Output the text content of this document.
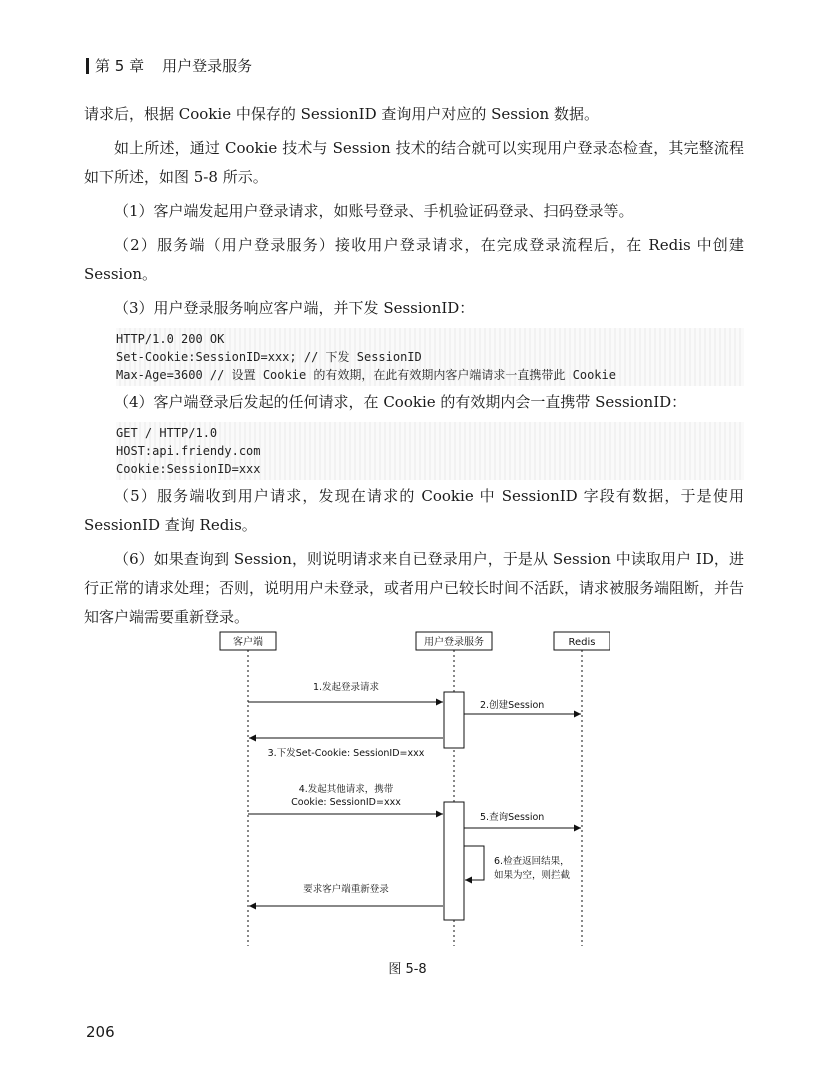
第 5 章 用户登录服务

请求后，根据 Cookie 中保存的 SessionID 查询用户对应的 Session 数据。

如上所述，通过 Cookie 技术与 Session 技术的结合就可以实现用户登录态检查，其完整流程如下所述，如图 5-8 所示。

（1）客户端发起用户登录请求，如账号登录、手机验证码登录、扫码登录等。

（2）服务端（用户登录服务）接收用户登录请求，在完成登录流程后，在 Redis 中创建 Session。

（3）用户登录服务响应客户端，并下发 SessionID：

HTTP/1.0 200 OK
Set-Cookie:SessionID=xxx; // 下发 SessionID
Max-Age=3600 // 设置 Cookie 的有效期，在此有效期内客户端请求一直携带此 Cookie

（4）客户端登录后发起的任何请求，在 Cookie 的有效期内会一直携带 SessionID：

GET / HTTP/1.0
HOST:api.friendy.com
Cookie:SessionID=xxx

（5）服务端收到用户请求，发现在请求的 Cookie 中 SessionID 字段有数据，于是使用 SessionID 查询 Redis。

（6）如果查询到 Session，则说明请求来自已登录用户，于是从 Session 中读取用户 ID，进行正常的请求处理；否则，说明用户未登录，或者用户已较长时间不活跃，请求被服务端阻断，并告知客户端需要重新登录。

客户端	用户登录服务	Redis
1.发起登录请求
2.创建Session
3.下发Set-Cookie: SessionID=xxx
4.发起其他请求，携带
Cookie: SessionID=xxx
5.查询Session
6.检查返回结果，
如果为空，则拦截
要求客户端重新登录
图 5-8
206
